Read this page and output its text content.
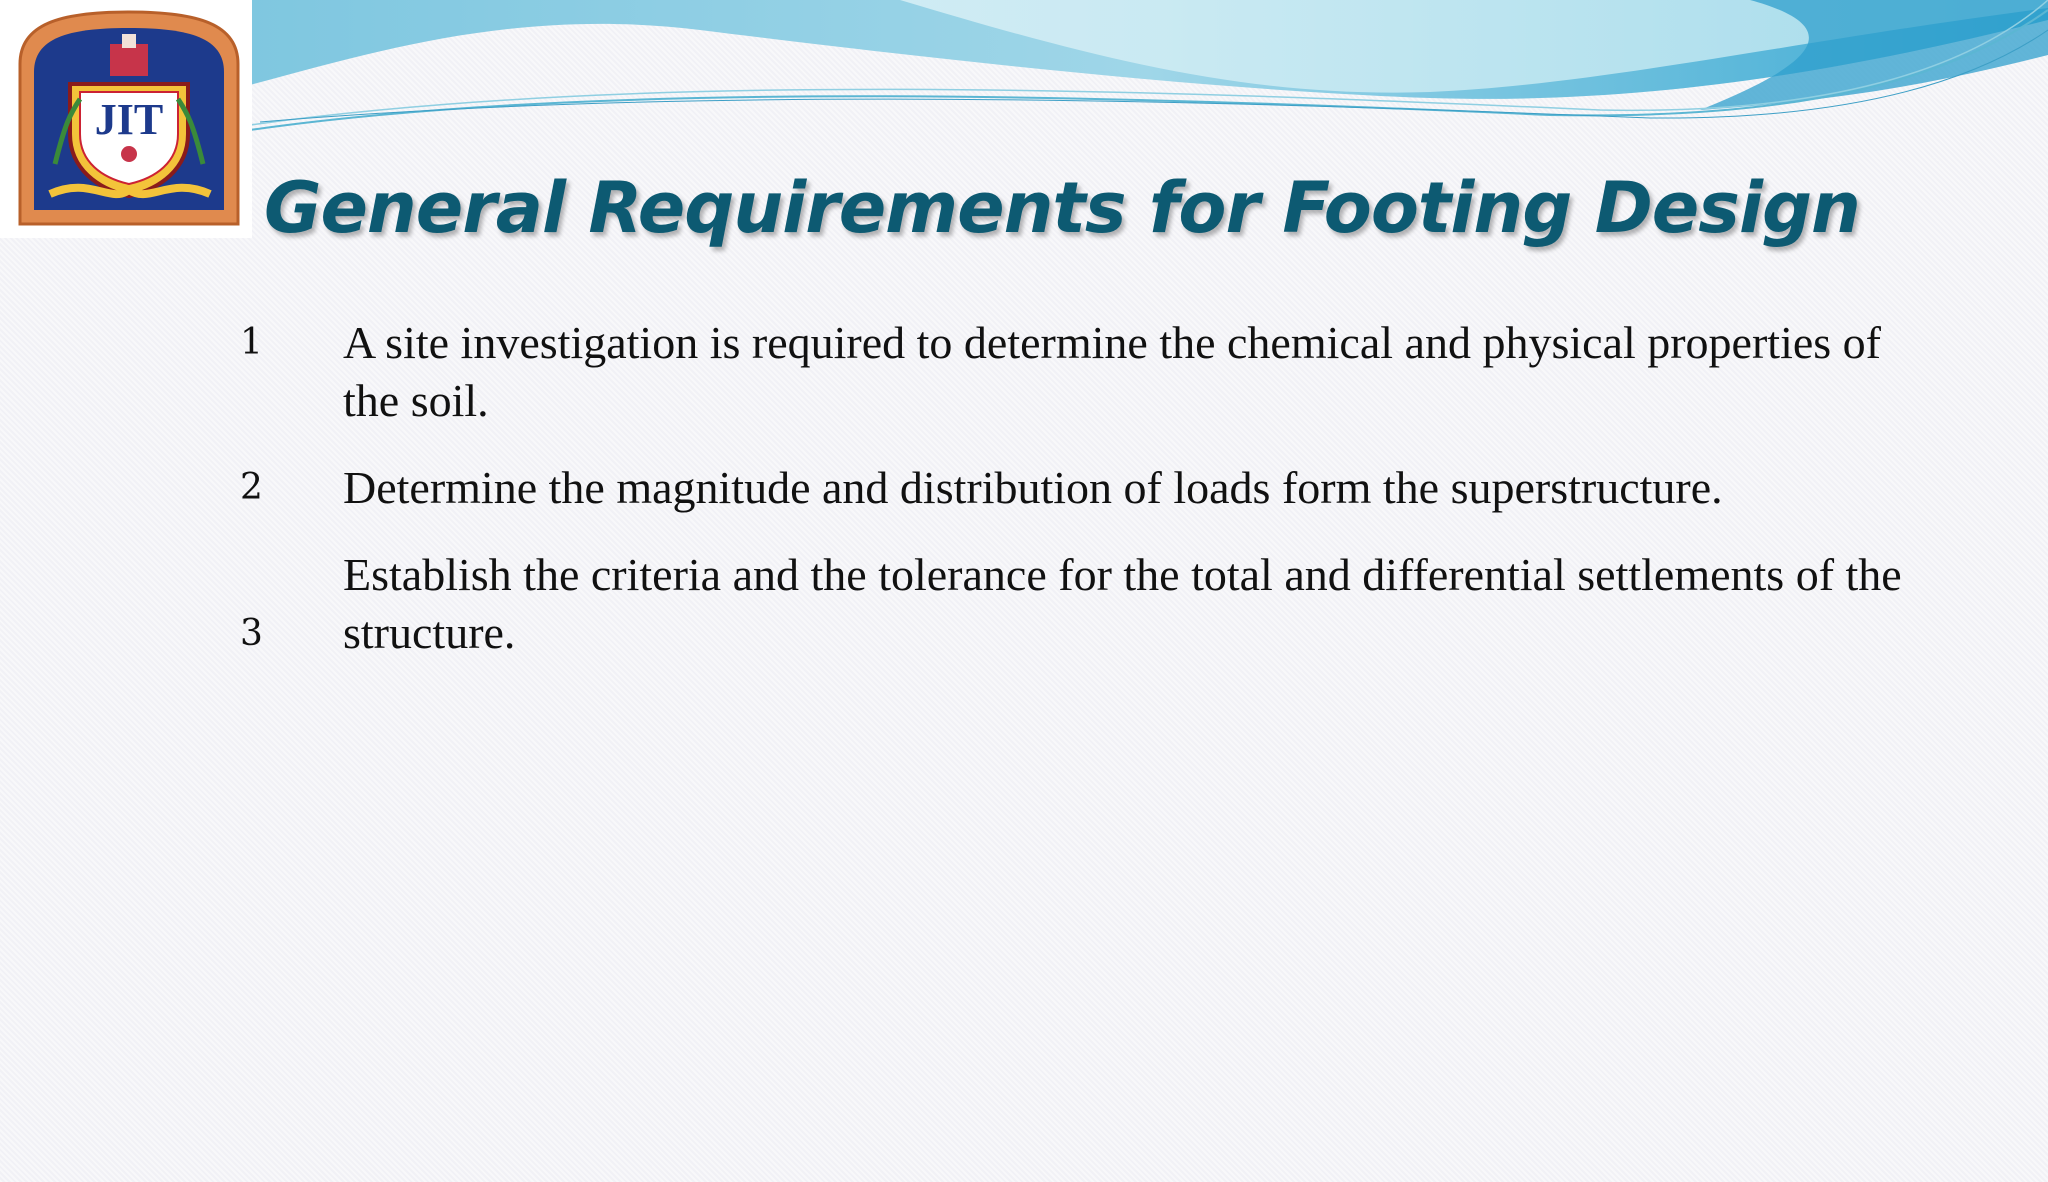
JIT
General Requirements for Footing Design
1 A site investigation is required to determine the chemical and physical properties of the soil.
2 Determine the magnitude and distribution of loads form the superstructure.
3
Establish the criteria and the tolerance for the total and differential settlements of the structure.
